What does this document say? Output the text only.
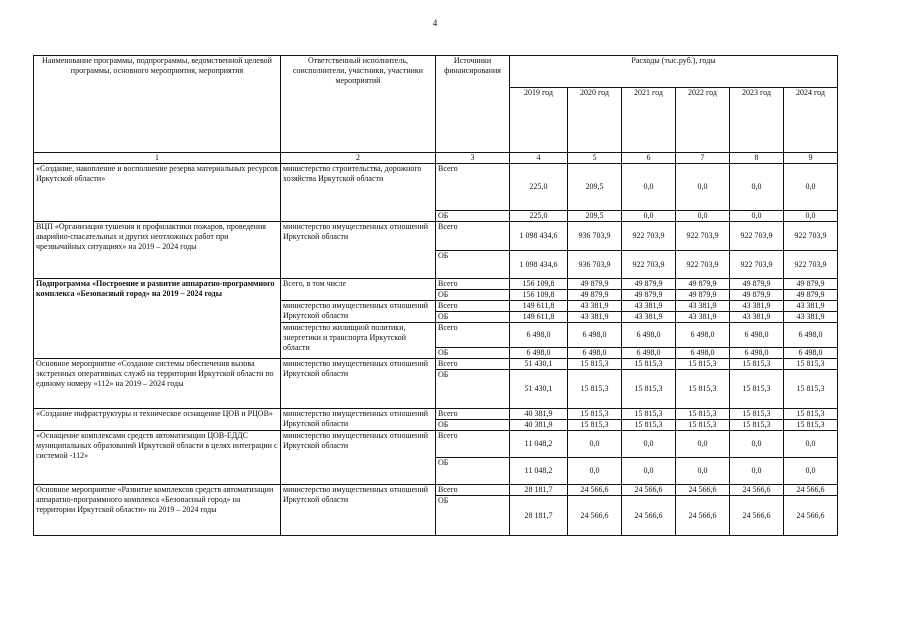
4
Наименование программы, подпрограммы, ведомственной целевой программы, основного мероприятия, мероприятия	Ответственный исполнитель, соисполнители, участники, участники мероприятий	Источники финансирования	Расходы (тыс.руб.), годы					
			2019 год	2020 год	2021 год	2022 год	2023 год	2024 год
1	2	3	4	5	6	7	8	9
«Создание, накопление и восполнение резерва материальных ресурсов Иркутской области»	министерство строительства, дорожного хозяйства Иркутской области	Всего	225,0	209,5	0,0	0,0	0,0	0,0
		ОБ	225,0	209,5	0,0	0,0	0,0	0,0
ВЦП «Организация тушения и профилактики пожаров, проведения аварийно-спасательных и других неотложных работ при чрезвычайных ситуациях» на 2019 – 2024 годы	министерство имущественных отношений Иркутской области	Всего	1 098 434,6	936 703,9	922 703,9	922 703,9	922 703,9	922 703,9
		ОБ	1 098 434,6	936 703,9	922 703,9	922 703,9	922 703,9	922 703,9
Подпрограмма «Построение и развитие аппаратно-программного комплекса «Безопасный город» на 2019 – 2024 годы	Всего, в том числе	Всего	156 109,8	49 879,9	49 879,9	49 879,9	49 879,9	49 879,9
		ОБ	156 109,8	49 879,9	49 879,9	49 879,9	49 879,9	49 879,9
	министерство имущественных отношений Иркутской области	Всего	149 611,8	43 381,9	43 381,9	43 381,9	43 381,9	43 381,9
		ОБ	149 611,8	43 381,9	43 381,9	43 381,9	43 381,9	43 381,9
	министерство жилищной политики, энергетики и транспорта Иркутской области	Всего	6 498,0	6 498,0	6 498,0	6 498,0	6 498,0	6 498,0
		ОБ	6 498,0	6 498,0	6 498,0	6 498,0	6 498,0	6 498,0
Основное мероприятие «Создание системы обеспечения вызова экстренных оперативных служб на территории Иркутской области по единому номеру «112» на 2019 – 2024 годы	министерство имущественных отношений Иркутской области	Всего	51 430,1	15 815,3	15 815,3	15 815,3	15 815,3	15 815,3
		ОБ	51 430,1	15 815,3	15 815,3	15 815,3	15 815,3	15 815,3
«Создание инфраструктуры и техническое оснащение ЦОВ и РЦОВ»	министерство имущественных отношений Иркутской области	Всего	40 381,9	15 815,3	15 815,3	15 815,3	15 815,3	15 815,3
		ОБ	40 381,9	15 815,3	15 815,3	15 815,3	15 815,3	15 815,3
«Оснащение комплексами средств автоматизации ЦОВ-ЕДДС муниципальных образований Иркутской области в целях интеграции с системой -112»	министерство имущественных отношений Иркутской области	Всего	11 048,2	0,0	0,0	0,0	0,0	0,0
		ОБ	11 048,2	0,0	0,0	0,0	0,0	0,0
Основное мероприятие «Развитие комплексов средств автоматизации аппаратно-программного комплекса «Безопасный город» на территории Иркутской области» на 2019 – 2024 годы	министерство имущественных отношений Иркутской области	Всего	28 181,7	24 566,6	24 566,6	24 566,6	24 566,6	24 566,6
		ОБ	28 181,7	24 566,6	24 566,6	24 566,6	24 566,6	24 566,6
